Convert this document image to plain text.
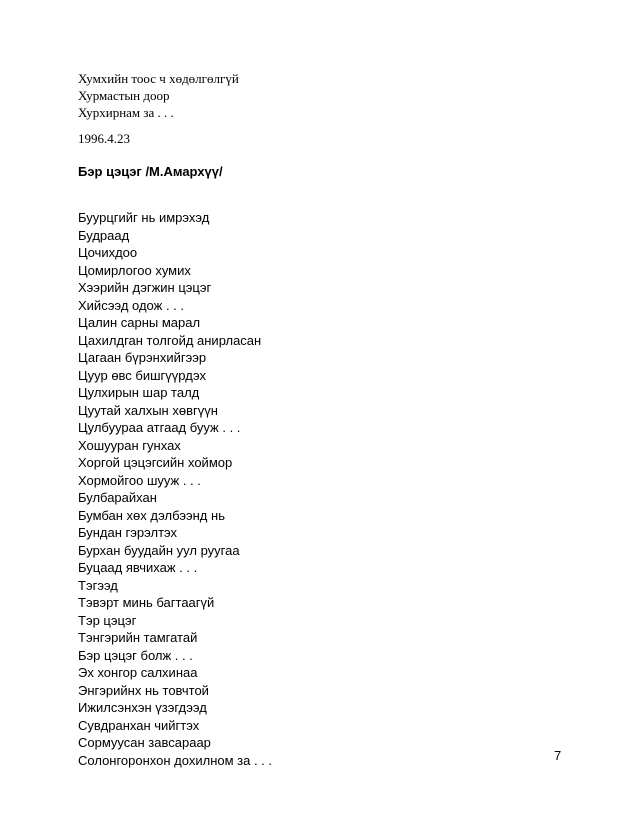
Хумхийн тоос ч хөдөлгөлгүй
Хурмастын доор
Хурхирнам за . . .
1996.4.23
Бэр цэцэг /М.Амархүү/
Буурцгийг нь имрэхэд
Будраад
Цочихдоо
Цомирлогоо хумих
Хээрийн дэгжин цэцэг
Хийсээд одож . . .
Цалин сарны марал
Цахилдган толгойд анирласан
Цагаан бүрэнхийгээр
Цуур өвс бишгүүрдэх
Цулхирын шар талд
Цуутай халхын хөвгүүн
Цулбуураа атгаад бууж . . .
Хошууран гунхах
Хоргой цэцэгсийн хоймор
Хормойгоо шууж . . .
Булбарайхан
Бумбан хөх дэлбээнд нь
Бундан гэрэлтэх
Бурхан буудайн уул руугаа
Буцаад явчихаж . . .
Тэгээд
Тэвэрт минь багтаагүй
Тэр цэцэг
Тэнгэрийн тамгатай
Бэр цэцэг болж . . .
Эх хонгор салхинаа
Энгэрийнх нь товчтой
Ижилсэнхэн үзэгдээд
Сувдранхан чийгтэх
Сормуусан завсараар
Солонгоронхон дохилном за . . .	7
